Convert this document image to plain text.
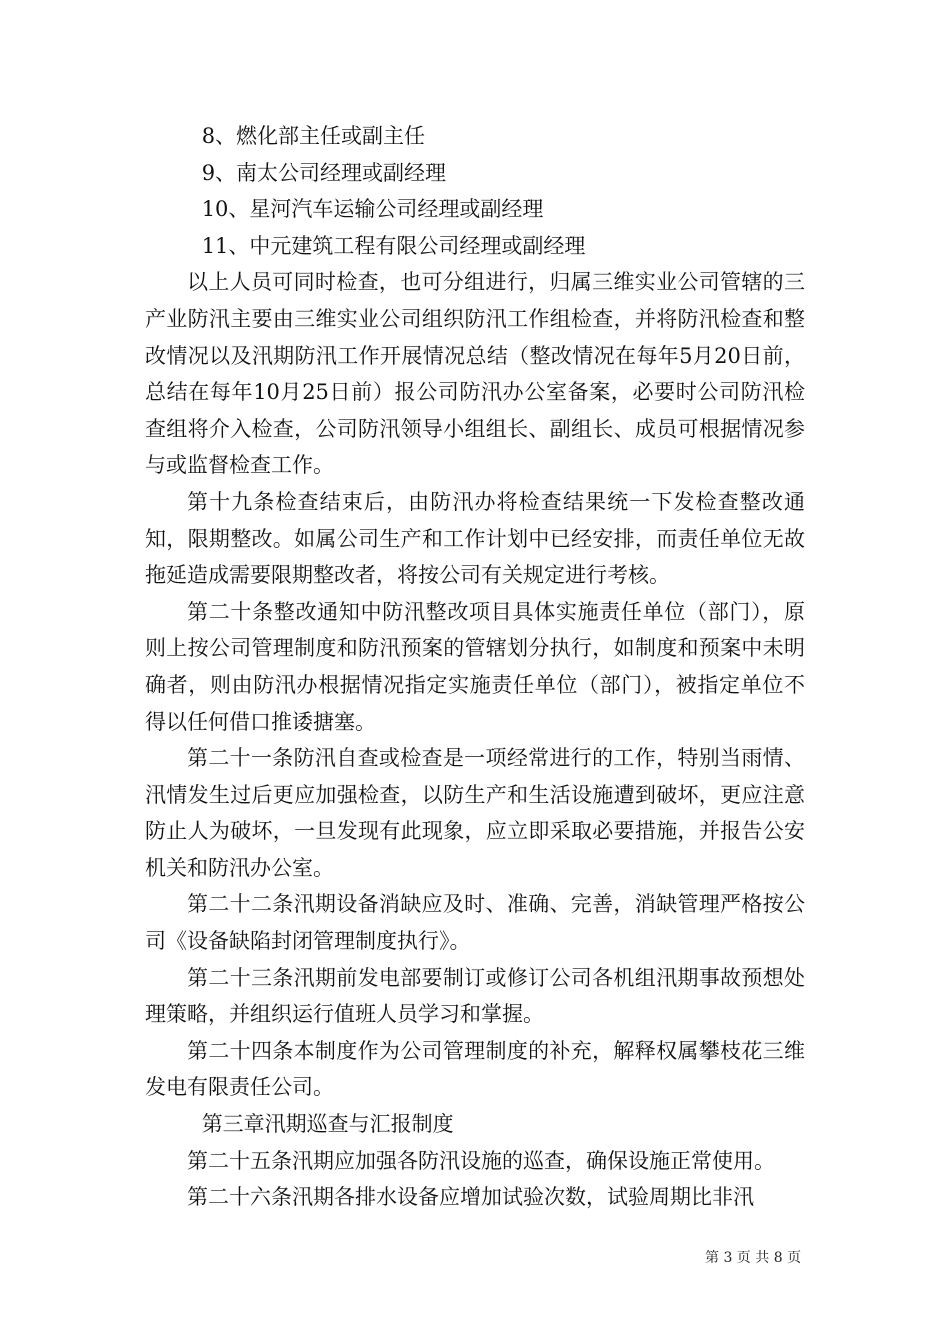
8、燃化部主任或副主任

9、南太公司经理或副经理

10、星河汽车运输公司经理或副经理

11、中元建筑工程有限公司经理或副经理

以上人员可同时检查，也可分组进行，归属三维实业公司管辖的三产业防汛主要由三维实业公司组织防汛工作组检查，并将防汛检查和整改情况以及汛期防汛工作开展情况总结（整改情况在每年5月20日前，总结在每年10月25日前）报公司防汛办公室备案，必要时公司防汛检查组将介入检查，公司防汛领导小组组长、副组长、成员可根据情况参与或监督检查工作。

第十九条检查结束后，由防汛办将检查结果统一下发检查整改通知，限期整改。如属公司生产和工作计划中已经安排，而责任单位无故拖延造成需要限期整改者，将按公司有关规定进行考核。

第二十条整改通知中防汛整改项目具体实施责任单位（部门），原则上按公司管理制度和防汛预案的管辖划分执行，如制度和预案中未明确者，则由防汛办根据情况指定实施责任单位（部门），被指定单位不得以任何借口推诿搪塞。

第二十一条防汛自查或检查是一项经常进行的工作，特别当雨情、汛情发生过后更应加强检查，以防生产和生活设施遭到破坏，更应注意防止人为破坏，一旦发现有此现象，应立即采取必要措施，并报告公安机关和防汛办公室。

第二十二条汛期设备消缺应及时、准确、完善，消缺管理严格按公司《设备缺陷封闭管理制度执行》。

第二十三条汛期前发电部要制订或修订公司各机组汛期事故预想处理策略，并组织运行值班人员学习和掌握。

第二十四条本制度作为公司管理制度的补充，解释权属攀枝花三维发电有限责任公司。

第三章汛期巡查与汇报制度

第二十五条汛期应加强各防汛设施的巡查，确保设施正常使用。

第二十六条汛期各排水设备应增加试验次数，试验周期比非汛

第 3 页 共 8 页
